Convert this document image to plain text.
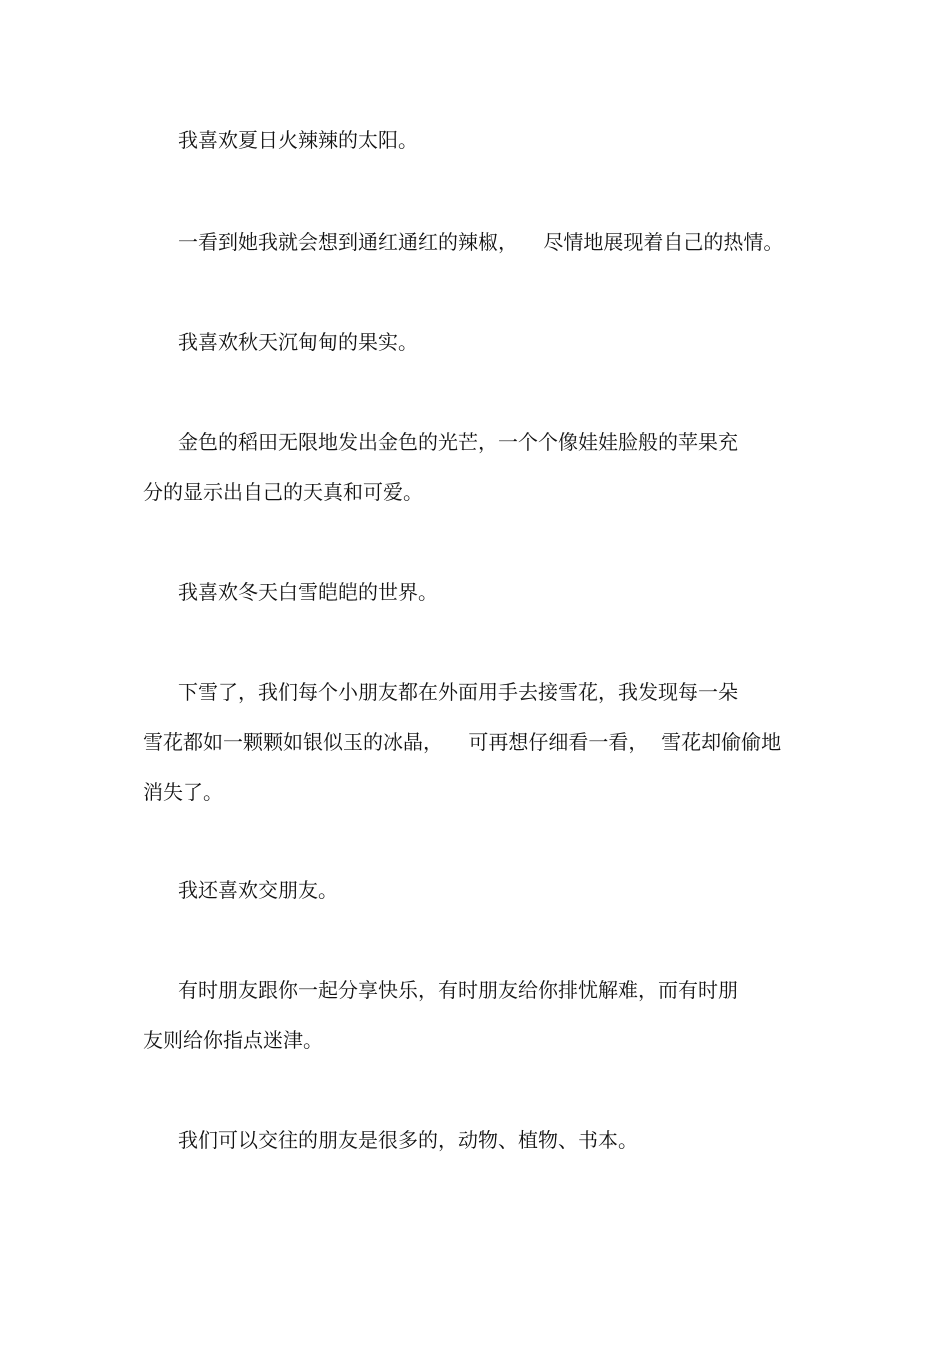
我喜欢夏日火辣辣的太阳。

一看到她我就会想到通红通红的辣椒，    尽情地展现着自己的热情。

我喜欢秋天沉甸甸的果实。

金色的稻田无限地发出金色的光芒，一个个像娃娃脸般的苹果充

分的显示出自己的天真和可爱。

我喜欢冬天白雪皑皑的世界。

下雪了，我们每个小朋友都在外面用手去接雪花，我发现每一朵

雪花都如一颗颗如银似玉的冰晶，    可再想仔细看一看，  雪花却偷偷地

消失了。

我还喜欢交朋友。

有时朋友跟你一起分享快乐，有时朋友给你排忧解难，而有时朋

友则给你指点迷津。

我们可以交往的朋友是很多的，动物、植物、书本。
